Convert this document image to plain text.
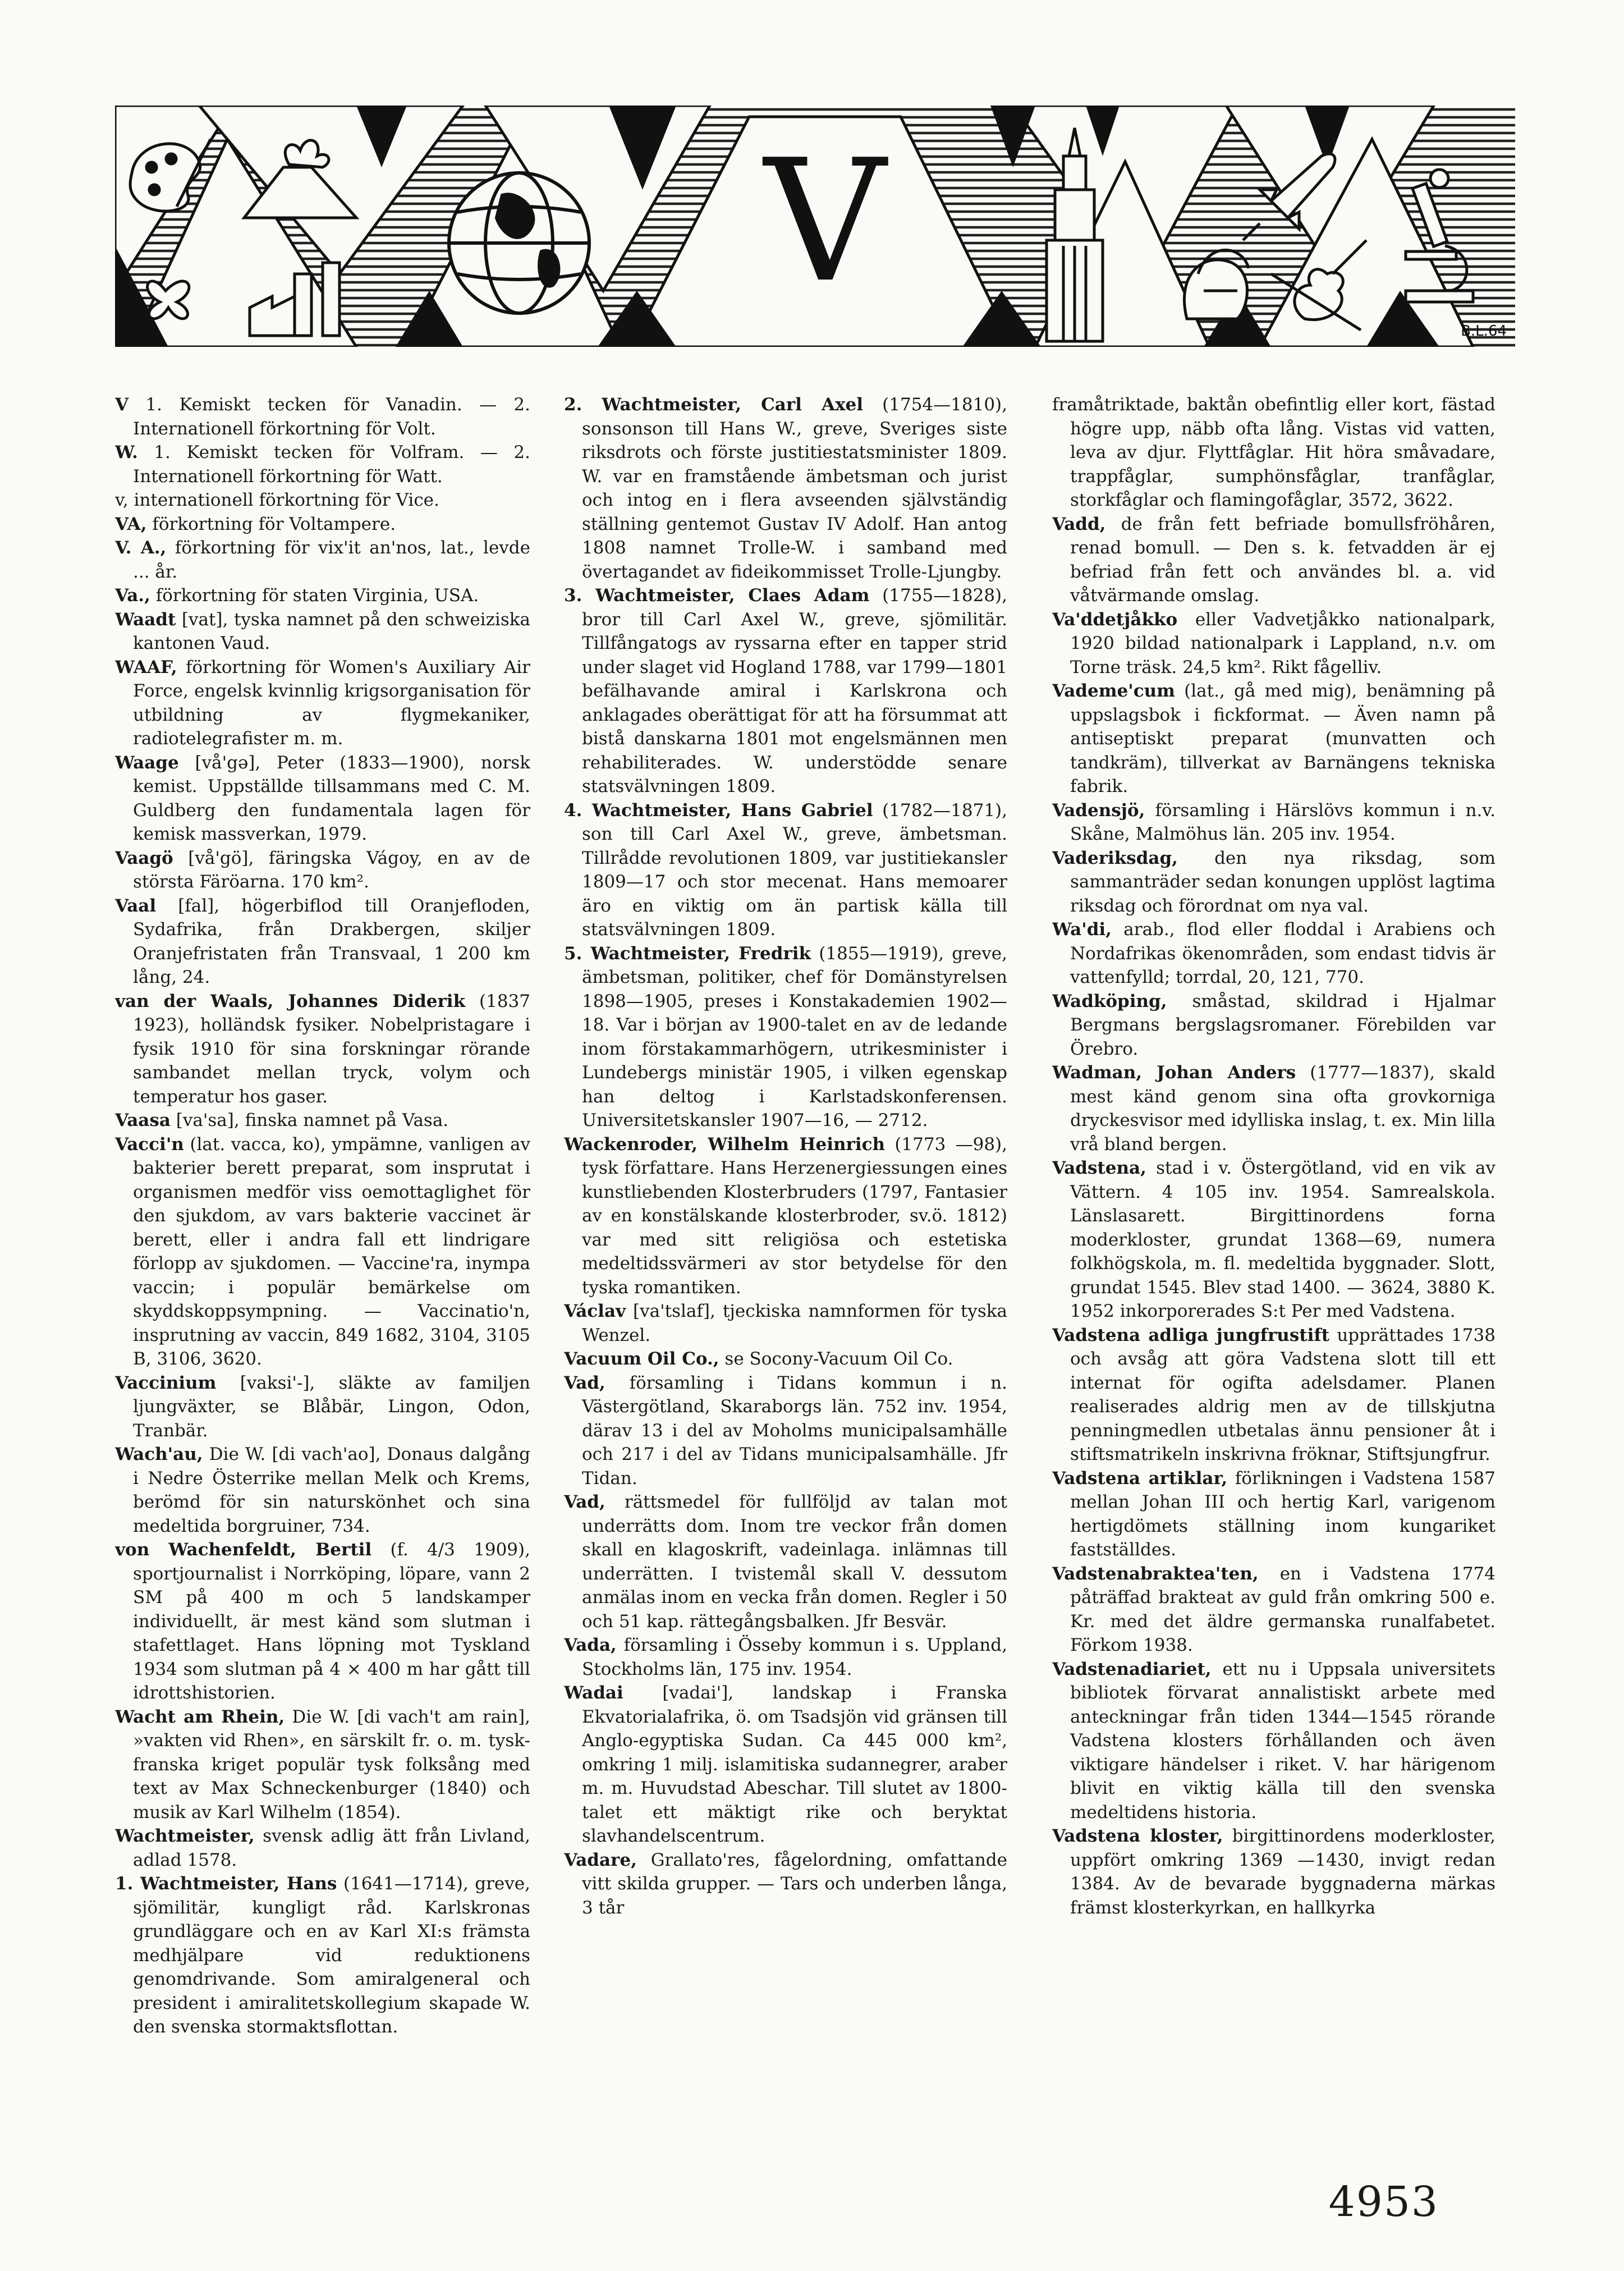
V
B.L.64

V 1. Kemiskt tecken för Vanadin. — 2. Internationell förkortning för Volt.

W. 1. Kemiskt tecken för Volfram. — 2. Internationell förkortning för Watt.

v, internationell förkortning för Vice.

VA, förkortning för Voltampere.

V. A., förkortning för vix'it an'nos, lat., levde ... år.

Va., förkortning för staten Virginia, USA.

Waadt [vat], tyska namnet på den schweiziska kantonen Vaud.

WAAF, förkortning för Women's Auxiliary Air Force, engelsk kvinnlig krigsorganisation för utbildning av flygmekaniker, radiotelegrafister m. m.

Waage [vå'gə], Peter (1833—1900), norsk kemist. Uppställde tillsammans med C. M. Guldberg den fundamentala lagen för kemisk massverkan, 1979.

Vaagö [vå'gö], färingska Vágoy, en av de största Färöarna. 170 km².

Vaal [fal], högerbiflod till Oranjefloden, Sydafrika, från Drakbergen, skiljer Oranjefristaten från Transvaal, 1 200 km lång, 24.

van der Waals, Johannes Diderik (1837 1923), holländsk fysiker. Nobelpristagare i fysik 1910 för sina forskningar rörande sambandet mellan tryck, volym och temperatur hos gaser.

Vaasa [va'sa], finska namnet på Vasa.

Vacci'n (lat. vacca, ko), ympämne, vanligen av bakterier berett preparat, som insprutat i organismen medför viss oemottaglighet för den sjukdom, av vars bakterie vaccinet är berett, eller i andra fall ett lindrigare förlopp av sjukdomen. — Vaccine'ra, inympa vaccin; i populär bemärkelse om skyddskoppsympning. — Vaccinatio'n, insprutning av vaccin, 849 1682, 3104, 3105 B, 3106, 3620.

Vaccinium [vaksi'-], släkte av familjen ljungväxter, se Blåbär, Lingon, Odon, Tranbär.

Wach'au, Die W. [di vach'ao], Donaus dalgång i Nedre Österrike mellan Melk och Krems, berömd för sin naturskönhet och sina medeltida borgruiner, 734.

von Wachenfeldt, Bertil (f. 4/3 1909), sportjournalist i Norrköping, löpare, vann 2 SM på 400 m och 5 landskamper individuellt, är mest känd som slutman i stafettlaget. Hans löpning mot Tyskland 1934 som slutman på 4 × 400 m har gått till idrottshistorien.

Wacht am Rhein, Die W. [di vach't am rain], »vakten vid Rhen», en särskilt fr. o. m. tysk-franska kriget populär tysk folksång med text av Max Schneckenburger (1840) och musik av Karl Wilhelm (1854).

Wachtmeister, svensk adlig ätt från Livland, adlad 1578.

1. Wachtmeister, Hans (1641—1714), greve, sjömilitär, kungligt råd. Karlskronas grundläggare och en av Karl XI:s främsta medhjälpare vid reduktionens genomdrivande. Som amiralgeneral och president i amiralitetskollegium skapade W. den svenska stormaktsflottan.

2. Wachtmeister, Carl Axel (1754—1810), sonsonson till Hans W., greve, Sveriges siste riksdrots och förste justitiestatsminister 1809. W. var en framstående ämbetsman och jurist och intog en i flera avseenden självständig ställning gentemot Gustav IV Adolf. Han antog 1808 namnet Trolle-W. i samband med övertagandet av fideikommisset Trolle-Ljungby.

3. Wachtmeister, Claes Adam (1755—1828), bror till Carl Axel W., greve, sjömilitär. Tillfångatogs av ryssarna efter en tapper strid under slaget vid Hogland 1788, var 1799—1801 befälhavande amiral i Karlskrona och anklagades oberättigat för att ha försummat att bistå danskarna 1801 mot engelsmännen men rehabiliterades. W. understödde senare statsvälvningen 1809.

4. Wachtmeister, Hans Gabriel (1782—1871), son till Carl Axel W., greve, ämbetsman. Tillrådde revolutionen 1809, var justitiekansler 1809—17 och stor mecenat. Hans memoarer äro en viktig om än partisk källa till statsvälvningen 1809.

5. Wachtmeister, Fredrik (1855—1919), greve, ämbetsman, politiker, chef för Domänstyrelsen 1898—1905, preses i Konstakademien 1902—18. Var i början av 1900-talet en av de ledande inom förstakammarhögern, utrikesminister i Lundebergs ministär 1905, i vilken egenskap han deltog i Karlstadskonferensen. Universitetskansler 1907—16, — 2712.

Wackenroder, Wilhelm Heinrich (1773 —98), tysk författare. Hans Herzenergiessungen eines kunstliebenden Klosterbruders (1797, Fantasier av en konstälskande klosterbroder, sv.ö. 1812) var med sitt religiösa och estetiska medeltidssvärmeri av stor betydelse för den tyska romantiken.

Václav [va'tslaf], tjeckiska namnformen för tyska Wenzel.

Vacuum Oil Co., se Socony-Vacuum Oil Co.

Vad, församling i Tidans kommun i n. Västergötland, Skaraborgs län. 752 inv. 1954, därav 13 i del av Moholms municipalsamhälle och 217 i del av Tidans municipalsamhälle. Jfr Tidan.

Vad, rättsmedel för fullföljd av talan mot underrätts dom. Inom tre veckor från domen skall en klagoskrift, vadeinlaga. inlämnas till underrätten. I tvistemål skall V. dessutom anmälas inom en vecka från domen. Regler i 50 och 51 kap. rättegångsbalken. Jfr Besvär.

Vada, församling i Össeby kommun i s. Uppland, Stockholms län, 175 inv. 1954.

Wadai [vadai'], landskap i Franska Ekvatorialafrika, ö. om Tsadsjön vid gränsen till Anglo-egyptiska Sudan. Ca 445 000 km², omkring 1 milj. islamitiska sudannegrer, araber m. m. Huvudstad Abeschar. Till slutet av 1800-talet ett mäktigt rike och beryktat slavhandelscentrum.

Vadare, Grallato'res, fågelordning, omfattande vitt skilda grupper. — Tars och underben långa, 3 tår

framåtriktade, baktån obefintlig eller kort, fästad högre upp, näbb ofta lång. Vistas vid vatten, leva av djur. Flyttfåglar. Hit höra småvadare, trappfåglar, sumphönsfåglar, tranfåglar, storkfåglar och flamingofåglar, 3572, 3622.

Vadd, de från fett befriade bomullsfröhåren, renad bomull. — Den s. k. fetvadden är ej befriad från fett och användes bl. a. vid våtvärmande omslag.

Va'ddetjåkko eller Vadvetjåkko nationalpark, 1920 bildad nationalpark i Lappland, n.v. om Torne träsk. 24,5 km². Rikt fågelliv.

Vademe'cum (lat., gå med mig), benämning på uppslagsbok i fickformat. — Även namn på antiseptiskt preparat (munvatten och tandkräm), tillverkat av Barnängens tekniska fabrik.

Vadensjö, församling i Härslövs kommun i n.v. Skåne, Malmöhus län. 205 inv. 1954.

Vaderiksdag, den nya riksdag, som sammanträder sedan konungen upplöst lagtima riksdag och förordnat om nya val.

Wa'di, arab., flod eller floddal i Arabiens och Nordafrikas ökenområden, som endast tidvis är vattenfylld; torrdal, 20, 121, 770.

Wadköping, småstad, skildrad i Hjalmar Bergmans bergslagsromaner. Förebilden var Örebro.

Wadman, Johan Anders (1777—1837), skald mest känd genom sina ofta grovkorniga dryckesvisor med idylliska inslag, t. ex. Min lilla vrå bland bergen.

Vadstena, stad i v. Östergötland, vid en vik av Vättern. 4 105 inv. 1954. Samrealskola. Länslasarett. Birgittinordens forna moderkloster, grundat 1368—69, numera folkhögskola, m. fl. medeltida byggnader. Slott, grundat 1545. Blev stad 1400. — 3624, 3880 K. 1952 inkorporerades S:t Per med Vadstena.

Vadstena adliga jungfrustift upprättades 1738 och avsåg att göra Vadstena slott till ett internat för ogifta adelsdamer. Planen realiserades aldrig men av de tillskjutna penningmedlen utbetalas ännu pensioner åt i stiftsmatrikeln inskrivna fröknar, Stiftsjungfrur.

Vadstena artiklar, förlikningen i Vadstena 1587 mellan Johan III och hertig Karl, varigenom hertigdömets ställning inom kungariket fastställdes.

Vadstenabrakteа'ten, en i Vadstena 1774 påträffad brakteat av guld från omkring 500 e. Kr. med det äldre germanska runalfabetet. Förkom 1938.

Vadstenadiariet, ett nu i Uppsala universitets bibliotek förvarat annalistiskt arbete med anteckningar från tiden 1344—1545 rörande Vadstena klosters förhållanden och även viktigare händelser i riket. V. har härigenom blivit en viktig källa till den svenska medeltidens historia.

Vadstena kloster, birgittinordens moderkloster, uppfört omkring 1369 —1430, invigt redan 1384. Av de bevarade byggnaderna märkas främst klosterkyrkan, en hallkyrka

4953
